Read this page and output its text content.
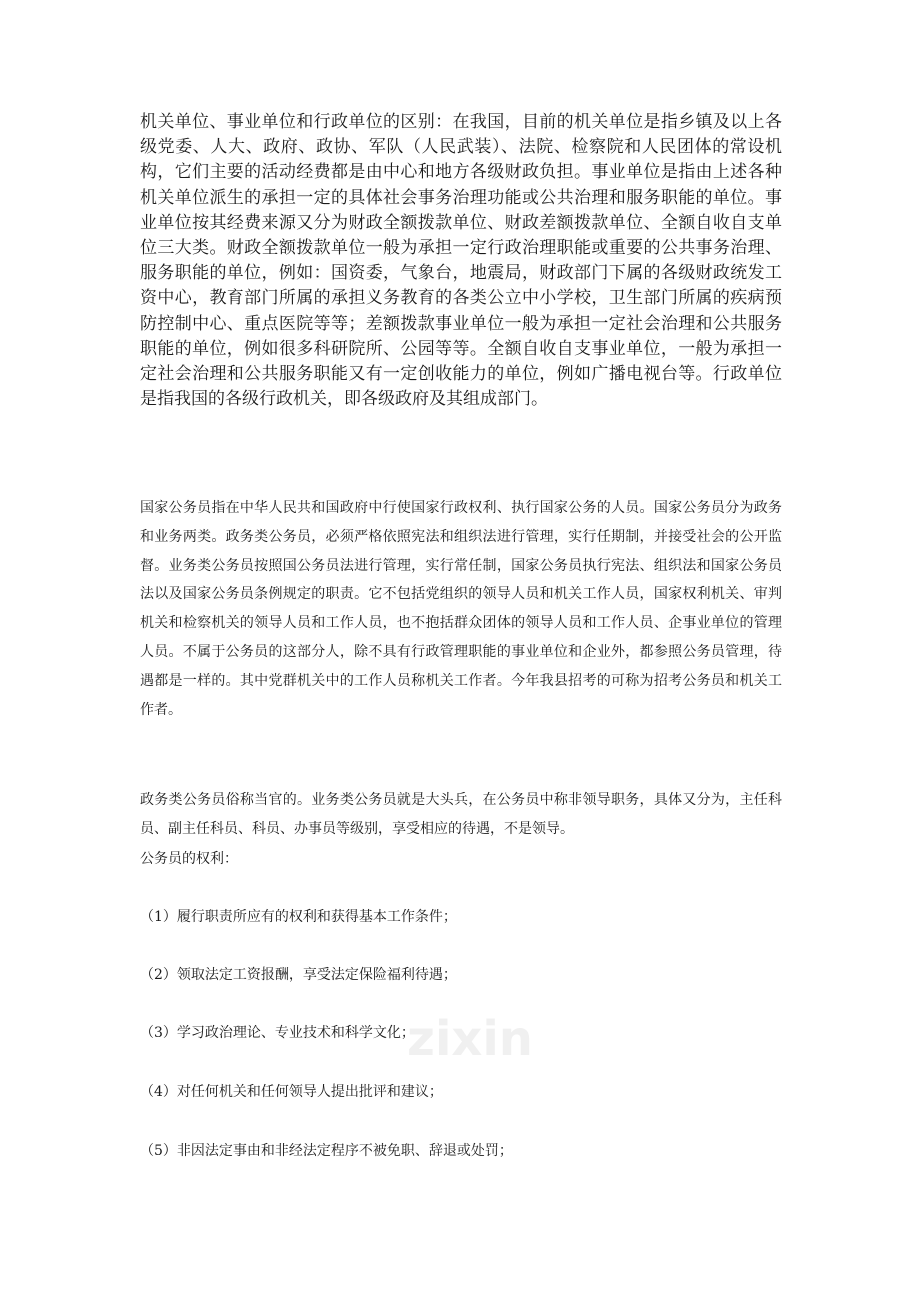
机关单位、事业单位和行政单位的区别：在我国，目前的机关单位是指乡镇及以上各级党委、人大、政府、政协、军队（人民武装）、法院、检察院和人民团体的常设机构，它们主要的活动经费都是由中心和地方各级财政负担。事业单位是指由上述各种机关单位派生的承担一定的具体社会事务治理功能或公共治理和服务职能的单位。事业单位按其经费来源又分为财政全额拨款单位、财政差额拨款单位、全额自收自支单位三大类。财政全额拨款单位一般为承担一定行政治理职能或重要的公共事务治理、服务职能的单位，例如：国资委，气象台，地震局，财政部门下属的各级财政统发工资中心，教育部门所属的承担义务教育的各类公立中小学校，卫生部门所属的疾病预防控制中心、重点医院等等；差额拨款事业单位一般为承担一定社会治理和公共服务职能的单位，例如很多科研院所、公园等等。全额自收自支事业单位，一般为承担一定社会治理和公共服务职能又有一定创收能力的单位，例如广播电视台等。行政单位是指我国的各级行政机关，即各级政府及其组成部门。

国家公务员指在中华人民共和国政府中行使国家行政权利、执行国家公务的人员。国家公务员分为政务和业务两类。政务类公务员，必须严格依照宪法和组织法进行管理，实行任期制，并接受社会的公开监督。业务类公务员按照国公务员法进行管理，实行常任制，国家公务员执行宪法、组织法和国家公务员法以及国家公务员条例规定的职责。它不包括党组织的领导人员和机关工作人员，国家权利机关、审判机关和检察机关的领导人员和工作人员，也不抱括群众团体的领导人员和工作人员、企事业单位的管理人员。不属于公务员的这部分人，除不具有行政管理职能的事业单位和企业外，都参照公务员管理，待遇都是一样的。其中党群机关中的工作人员称机关工作者。今年我县招考的可称为招考公务员和机关工作者。

政务类公务员俗称当官的。业务类公务员就是大头兵，在公务员中称非领导职务，具体又分为，主任科员、副主任科员、科员、办事员等级别，享受相应的待遇，不是领导。

公务员的权利：

（1）履行职责所应有的权利和获得基本工作条件；

（2）领取法定工资报酬，享受法定保险福利待遇；

（3）学习政治理论、专业技术和科学文化；

（4）对任何机关和任何领导人提出批评和建议；

（5）非因法定事由和非经法定程序不被免职、辞退或处罚；

zixin
